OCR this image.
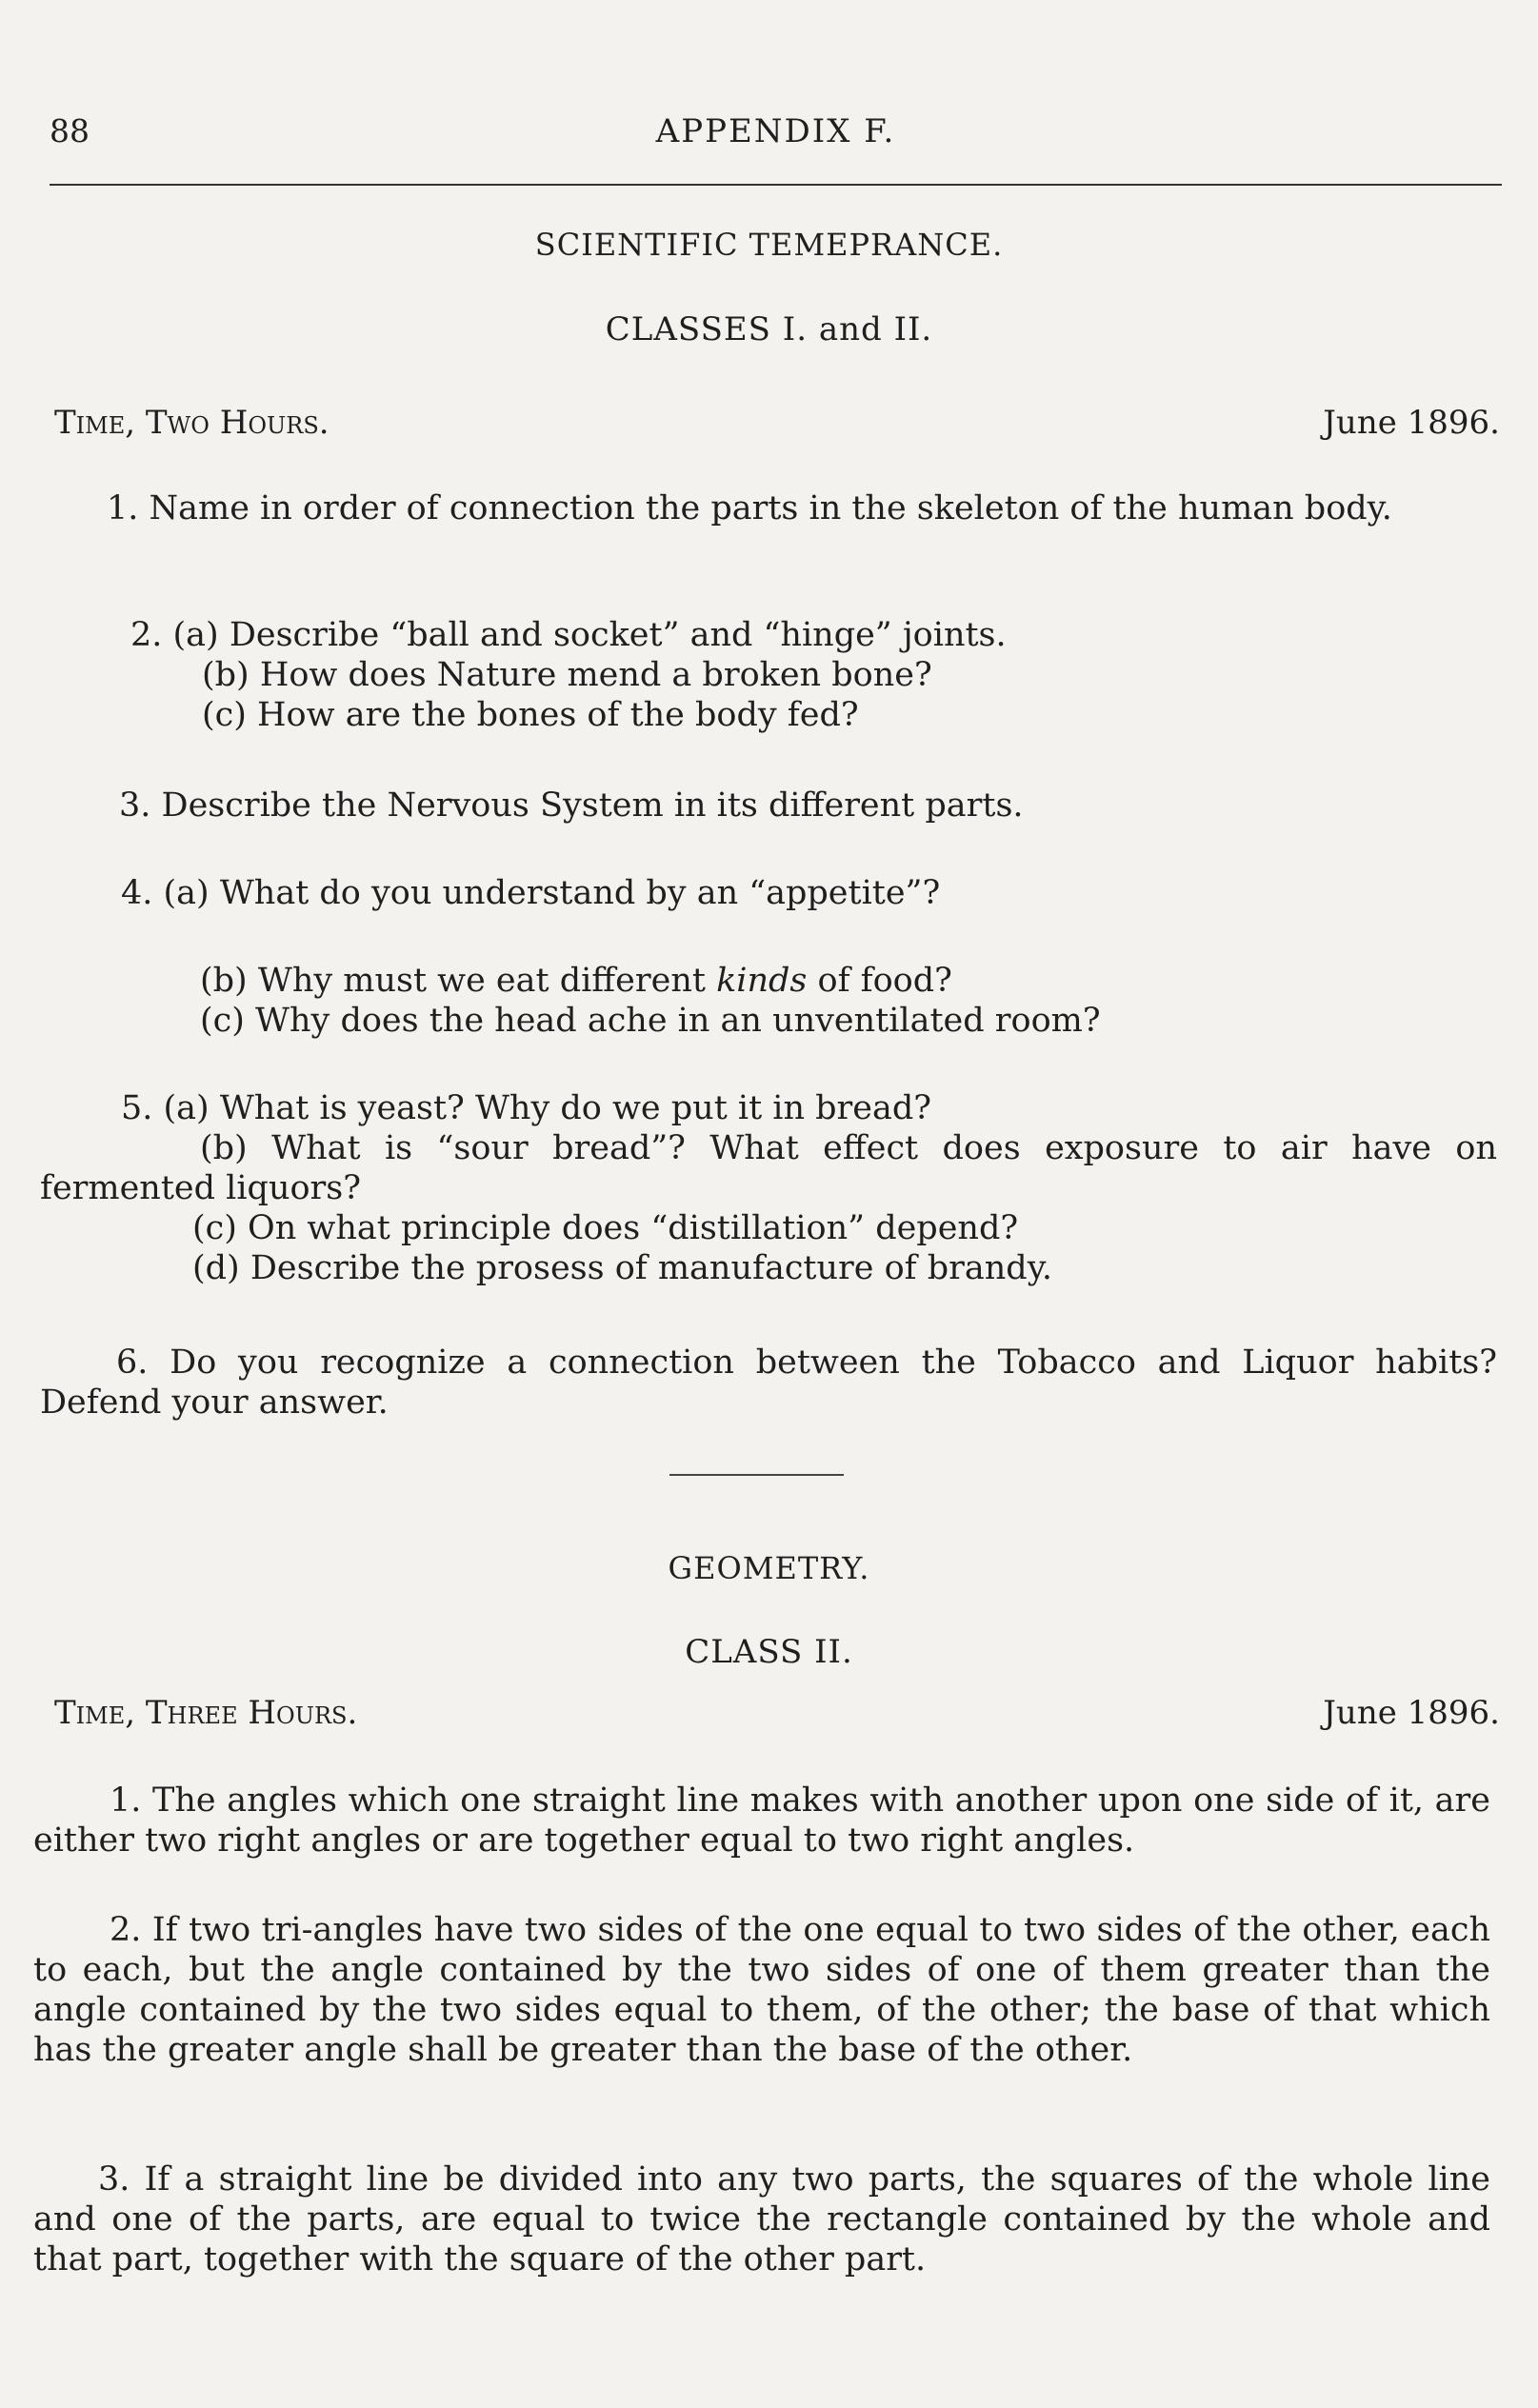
88	APPENDIX F.
SCIENTIFIC TEMEPRANCE.
CLASSES I. and II.
Time, Two Hours.	June 1896.

1. Name in order of connection the parts in the skeleton of the human body.

2. (a) Describe “ball and socket” and “hinge” joints.

(b) How does Nature mend a broken bone?

(c) How are the bones of the body fed?

3. Describe the Nervous System in its different parts.

4. (a) What do you understand by an “appetite”?

(b) Why must we eat different kinds of food?

(c) Why does the head ache in an unventilated room?

5. (a) What is yeast? Why do we put it in bread?

(b) What is “sour bread”? What effect does exposure to air have on fermented liquors?

(c) On what principle does “distillation” depend?

(d) Describe the prosess of manufacture of brandy.

6. Do you recognize a connection between the Tobacco and Liquor habits? Defend your answer.

GEOMETRY.
CLASS II.
Time, Three Hours.	June 1896.

1. The angles which one straight line makes with another upon one side of it, are either two right angles or are together equal to two right angles.

2. If two tri-angles have two sides of the one equal to two sides of the other, each to each, but the angle contained by the two sides of one of them greater than the angle contained by the two sides equal to them, of the other; the base of that which has the greater angle shall be greater than the base of the other.

3. If a straight line be divided into any two parts, the squares of the whole line and one of the parts, are equal to twice the rectangle contained by the whole and that part, together with the square of the other part.
